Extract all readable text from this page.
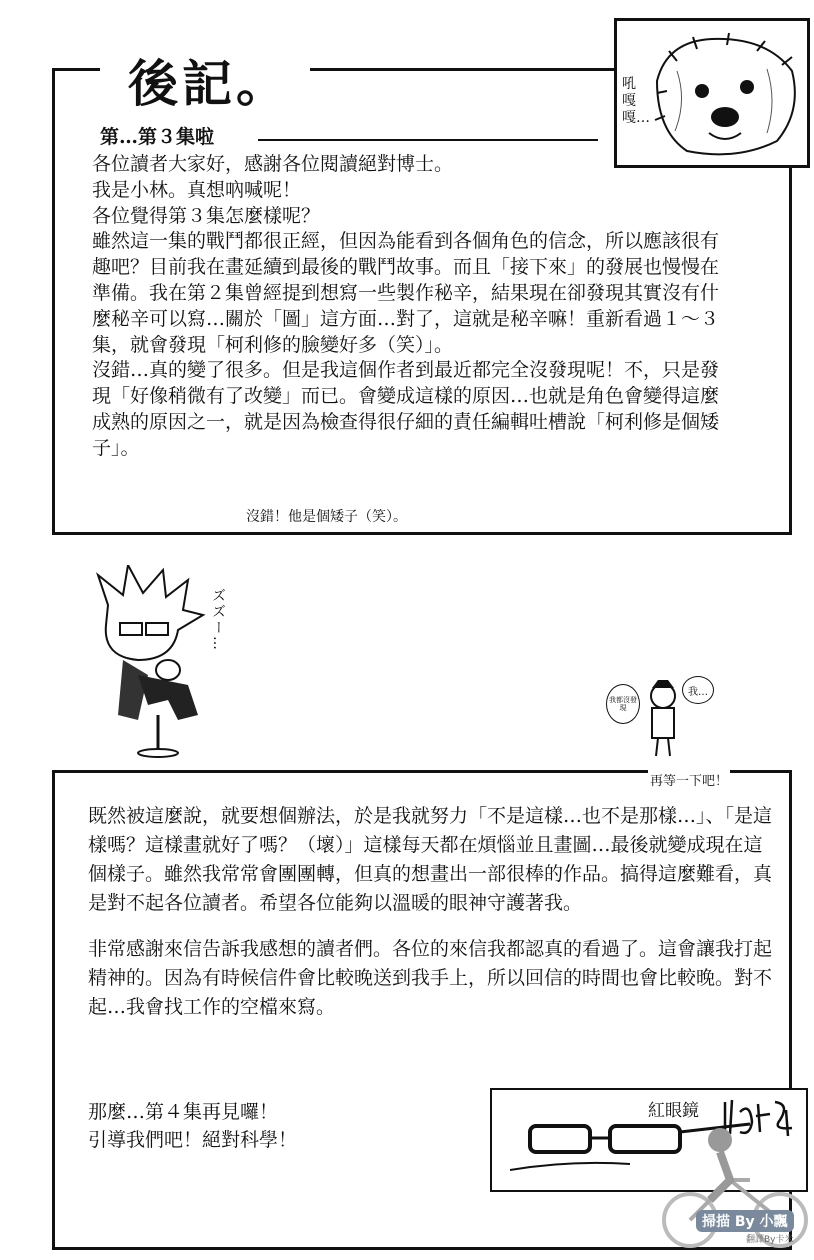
後記。
第…第３集啦

各位讀者大家好，感謝各位閱讀絕對博士。

我是小林。真想吶喊呢！

各位覺得第３集怎麼樣呢？

雖然這一集的戰鬥都很正經，但因為能看到各個角色的信念，所以應該很有趣吧？目前我在畫延續到最後的戰鬥故事。而且「接下來」的發展也慢慢在準備。我在第２集曾經提到想寫一些製作秘辛，結果現在卻發現其實沒有什麼秘辛可以寫…關於「圖」這方面…對了，這就是秘辛嘛！重新看過１～３集，就會發現「柯利修的臉變好多（笑）」。

沒錯…真的變了很多。但是我這個作者到最近都完全沒發現呢！不，只是發現「好像稍微有了改變」而已。會變成這樣的原因…也就是角色會變得這麼成熟的原因之一，就是因為檢查得很仔細的責任編輯吐槽說「柯利修是個矮子」。

沒錯！他是個矮子（笑）。
吼嘎嘎…
ズズー…
我都沒發現
我…
再等一下吧！

既然被這麼說，就要想個辦法，於是我就努力「不是這樣…也不是那樣…」、「是這樣嗎？這樣畫就好了嗎？（壞）」這樣每天都在煩惱並且畫圖…最後就變成現在這個樣子。雖然我常常會團團轉，但真的想畫出一部很棒的作品。搞得這麼難看，真是對不起各位讀者。希望各位能夠以溫暖的眼神守護著我。

非常感謝來信告訴我感想的讀者們。各位的來信我都認真的看過了。這會讓我打起精神的。因為有時候信件會比較晚送到我手上，所以回信的時間也會比較晚。對不起…我會找工作的空檔來寫。

那麼…第４集再見囉！
引導我們吧！絕對科學！
紅眼鏡
掃描 By 小飄
翻譯By卡米
